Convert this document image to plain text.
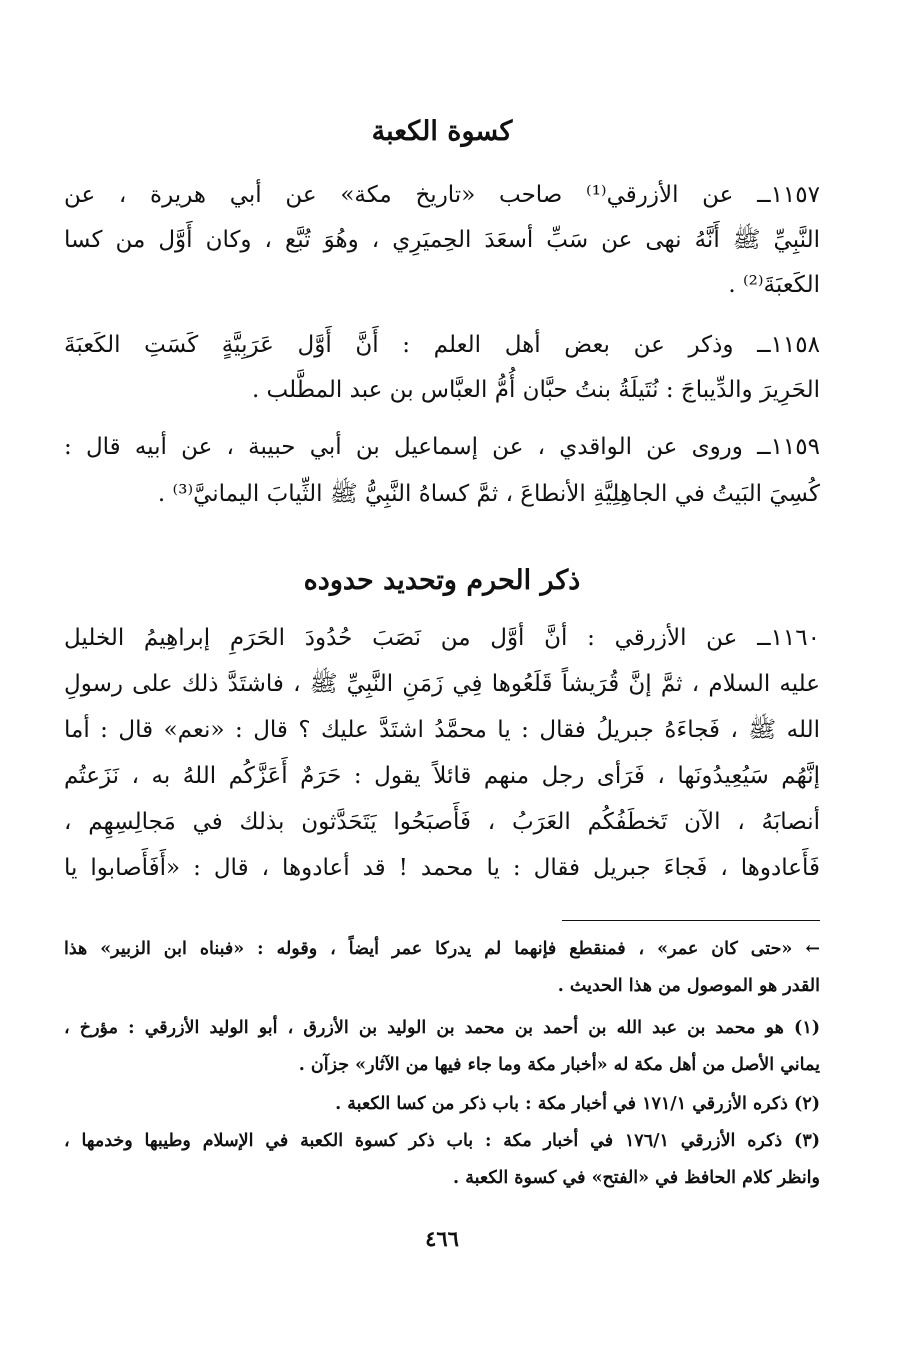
كسوة الكعبة
١١٥٧ــ عن الأزرقي⁽¹⁾ صاحب «تاريخ مكة» عن أبي هريرة ، عن
النَّبِيِّ ﷺ أَنَّهُ نهى عن سَبِّ أسعَدَ الحِميَرِي ، وهُوَ تُبَّع ، وكان أَوَّل من كسا
الكَعبَةَ⁽²⁾ .
١١٥٨ــ وذكر عن بعض أهل العلم : أَنَّ أَوَّل عَرَبِيَّةٍ كَسَتِ الكَعبَةَ
الحَرِيرَ والدِّيباجَ : نُتَيلَةُ بنتُ حبَّان أُمُّ العبَّاس بن عبد المطَّلب .
١١٥٩ــ وروى عن الواقدي ، عن إسماعيل بن أبي حبيبة ، عن أبيه قال :
كُسِيَ البَيتُ في الجاهِلِيَّةِ الأنطاعَ ، ثمَّ كساهُ النَّبِيُّ ﷺ الثِّيابَ اليمانيَّ⁽³⁾ .
ذكر الحرم وتحديد حدوده
١١٦٠ــ عن الأزرقي : أنَّ أوَّل من نَصَبَ حُدُودَ الحَرَمِ إبراهِيمُ الخليل
عليه السلام ، ثمَّ إنَّ قُرَيشاً قَلَعُوها فِي زَمَنِ النَّبِيِّ ﷺ ، فاشتَدَّ ذلك على رسولِ
الله ﷺ ، فَجاءَهُ جبريلُ فقال : يا محمَّدُ اشتَدَّ عليك ؟ قال : «نعم» قال : أما
إنَّهُم سَيُعِيدُونَها ، فَرَأى رجل منهم قائلاً يقول : حَرَمٌ أَعَزَّكُم اللهُ به ، نَزَعتُم
أنصابَهُ ، الآن تَخطَفُكُم العَرَبُ ، فَأَصبَحُوا يَتَحَدَّثون بذلك في مَجالِسِهِم ،
فَأَعادوها ، فَجاءَ جبريل فقال : يا محمد ! قد أعادوها ، قال : «أَفَأَصابوا يا
← «حتى كان عمر» ، فمنقطع فإنهما لم يدركا عمر أيضاً ، وقوله : «فبناه ابن الزبير» هذا
القدر هو الموصول من هذا الحديث .
(١) هو محمد بن عبد الله بن أحمد بن محمد بن الوليد بن الأزرق ، أبو الوليد الأزرقي : مؤرخ ،
يماني الأصل من أهل مكة له «أخبار مكة وما جاء فيها من الآثار» جزآن .
(٢) ذكره الأزرقي ١٧١/١ في أخبار مكة : باب ذكر من كسا الكعبة .
(٣) ذكره الأزرقي ١٧٦/١ في أخبار مكة : باب ذكر كسوة الكعبة في الإسلام وطيبها وخدمها ،
وانظر كلام الحافظ في «الفتح» في كسوة الكعبة .
٤٦٦
